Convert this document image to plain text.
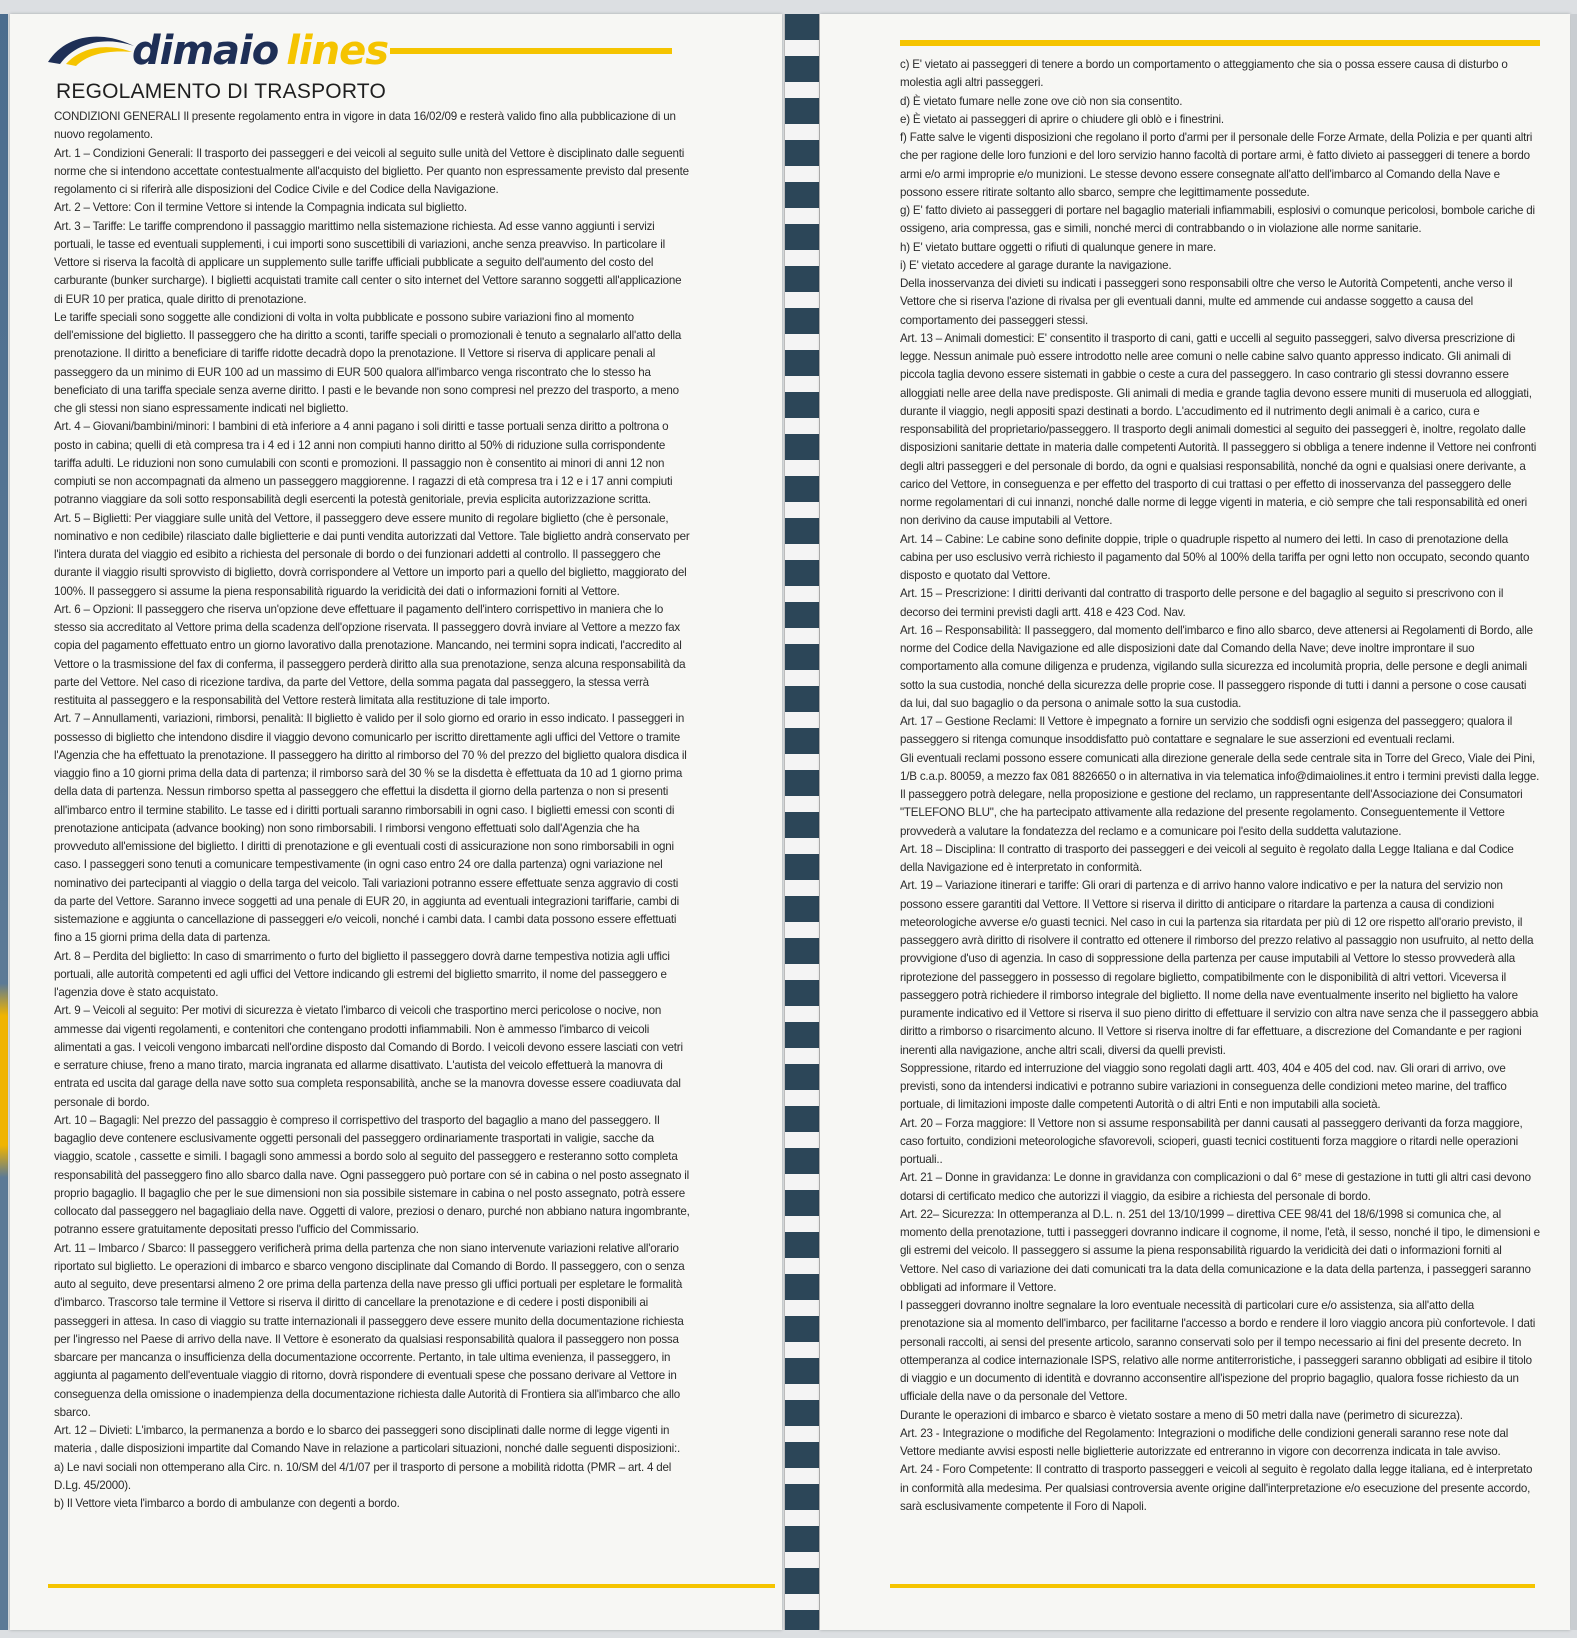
dimaio lines
REGOLAMENTO DI TRASPORTO

CONDIZIONI GENERALI Il presente regolamento entra in vigore in data 16/02/09 e resterà valido fino alla pubblicazione di un nuovo regolamento.

Art. 1 – Condizioni Generali: Il trasporto dei passeggeri e dei veicoli al seguito sulle unità del Vettore è disciplinato dalle seguenti norme che si intendono accettate contestualmente all'acquisto del biglietto. Per quanto non espressamente previsto dal presente regolamento ci si riferirà alle disposizioni del Codice Civile e del Codice della Navigazione.

Art. 2 – Vettore: Con il termine Vettore si intende la Compagnia indicata sul biglietto.

Art. 3 – Tariffe: Le tariffe comprendono il passaggio marittimo nella sistemazione richiesta. Ad esse vanno aggiunti i servizi portuali, le tasse ed eventuali supplementi, i cui importi sono suscettibili di variazioni, anche senza preavviso. In particolare il Vettore si riserva la facoltà di applicare un supplemento sulle tariffe ufficiali pubblicate a seguito dell'aumento del costo del carburante (bunker surcharge). I biglietti acquistati tramite call center o sito internet del Vettore saranno soggetti all'applicazione di EUR 10 per pratica, quale diritto di prenotazione.

Le tariffe speciali sono soggette alle condizioni di volta in volta pubblicate e possono subire variazioni fino al momento dell'emissione del biglietto. Il passeggero che ha diritto a sconti, tariffe speciali o promozionali è tenuto a segnalarlo all'atto della prenotazione. Il diritto a beneficiare di tariffe ridotte decadrà dopo la prenotazione. Il Vettore si riserva di applicare penali al passeggero da un minimo di EUR 100 ad un massimo di EUR 500 qualora all'imbarco venga riscontrato che lo stesso ha beneficiato di una tariffa speciale senza averne diritto. I pasti e le bevande non sono compresi nel prezzo del trasporto, a meno che gli stessi non siano espressamente indicati nel biglietto.

Art. 4 – Giovani/bambini/minori: I bambini di età inferiore a 4 anni pagano i soli diritti e tasse portuali senza diritto a poltrona o posto in cabina; quelli di età compresa tra i 4 ed i 12 anni non compiuti hanno diritto al 50% di riduzione sulla corrispondente tariffa adulti. Le riduzioni non sono cumulabili con sconti e promozioni. Il passaggio non è consentito ai minori di anni 12 non compiuti se non accompagnati da almeno un passeggero maggiorenne. I ragazzi di età compresa tra i 12 e i 17 anni compiuti potranno viaggiare da soli sotto responsabilità degli esercenti la potestà genitoriale, previa esplicita autorizzazione scritta.

Art. 5 – Biglietti: Per viaggiare sulle unità del Vettore, il passeggero deve essere munito di regolare biglietto (che è personale, nominativo e non cedibile) rilasciato dalle biglietterie e dai punti vendita autorizzati dal Vettore. Tale biglietto andrà conservato per l'intera durata del viaggio ed esibito a richiesta del personale di bordo o dei funzionari addetti al controllo. Il passeggero che durante il viaggio risulti sprovvisto di biglietto, dovrà corrispondere al Vettore un importo pari a quello del biglietto, maggiorato del 100%. Il passeggero si assume la piena responsabilità riguardo la veridicità dei dati o informazioni forniti al Vettore.

Art. 6 – Opzioni: Il passeggero che riserva un'opzione deve effettuare il pagamento dell'intero corrispettivo in maniera che lo stesso sia accreditato al Vettore prima della scadenza dell'opzione riservata. Il passeggero dovrà inviare al Vettore a mezzo fax copia del pagamento effettuato entro un giorno lavorativo dalla prenotazione. Mancando, nei termini sopra indicati, l'accredito al Vettore o la trasmissione del fax di conferma, il passeggero perderà diritto alla sua prenotazione, senza alcuna responsabilità da parte del Vettore. Nel caso di ricezione tardiva, da parte del Vettore, della somma pagata dal passeggero, la stessa verrà restituita al passeggero e la responsabilità del Vettore resterà limitata alla restituzione di tale importo.

Art. 7 – Annullamenti, variazioni, rimborsi, penalità: Il biglietto è valido per il solo giorno ed orario in esso indicato. I passeggeri in possesso di biglietto che intendono disdire il viaggio devono comunicarlo per iscritto direttamente agli uffici del Vettore o tramite l'Agenzia che ha effettuato la prenotazione. Il passeggero ha diritto al rimborso del 70 % del prezzo del biglietto qualora disdica il viaggio fino a 10 giorni prima della data di partenza; il rimborso sarà del 30 % se la disdetta è effettuata da 10 ad 1 giorno prima della data di partenza. Nessun rimborso spetta al passeggero che effettui la disdetta il giorno della partenza o non si presenti all'imbarco entro il termine stabilito. Le tasse ed i diritti portuali saranno rimborsabili in ogni caso. I biglietti emessi con sconti di prenotazione anticipata (advance booking) non sono rimborsabili. I rimborsi vengono effettuati solo dall'Agenzia che ha provveduto all'emissione del biglietto. I diritti di prenotazione e gli eventuali costi di assicurazione non sono rimborsabili in ogni caso. I passeggeri sono tenuti a comunicare tempestivamente (in ogni caso entro 24 ore dalla partenza) ogni variazione nel nominativo dei partecipanti al viaggio o della targa del veicolo. Tali variazioni potranno essere effettuate senza aggravio di costi da parte del Vettore. Saranno invece soggetti ad una penale di EUR 20, in aggiunta ad eventuali integrazioni tariffarie, cambi di sistemazione e aggiunta o cancellazione di passeggeri e/o veicoli, nonché i cambi data. I cambi data possono essere effettuati fino a 15 giorni prima della data di partenza.

Art. 8 – Perdita del biglietto: In caso di smarrimento o furto del biglietto il passeggero dovrà darne tempestiva notizia agli uffici portuali, alle autorità competenti ed agli uffici del Vettore indicando gli estremi del biglietto smarrito, il nome del passeggero e l'agenzia dove è stato acquistato.

Art. 9 – Veicoli al seguito: Per motivi di sicurezza è vietato l'imbarco di veicoli che trasportino merci pericolose o nocive, non ammesse dai vigenti regolamenti, e contenitori che contengano prodotti infiammabili. Non è ammesso l'imbarco di veicoli alimentati a gas. I veicoli vengono imbarcati nell'ordine disposto dal Comando di Bordo. I veicoli devono essere lasciati con vetri e serrature chiuse, freno a mano tirato, marcia ingranata ed allarme disattivato. L'autista del veicolo effettuerà la manovra di entrata ed uscita dal garage della nave sotto sua completa responsabilità, anche se la manovra dovesse essere coadiuvata dal personale di bordo.

Art. 10 – Bagagli: Nel prezzo del passaggio è compreso il corrispettivo del trasporto del bagaglio a mano del passeggero. Il bagaglio deve contenere esclusivamente oggetti personali del passeggero ordinariamente trasportati in valigie, sacche da viaggio, scatole , cassette e simili. I bagagli sono ammessi a bordo solo al seguito del passeggero e resteranno sotto completa responsabilità del passeggero fino allo sbarco dalla nave. Ogni passeggero può portare con sé in cabina o nel posto assegnato il proprio bagaglio. Il bagaglio che per le sue dimensioni non sia possibile sistemare in cabina o nel posto assegnato, potrà essere collocato dal passeggero nel bagagliaio della nave. Oggetti di valore, preziosi o denaro, purché non abbiano natura ingombrante, potranno essere gratuitamente depositati presso l'ufficio del Commissario.

Art. 11 – Imbarco / Sbarco: Il passeggero verificherà prima della partenza che non siano intervenute variazioni relative all'orario riportato sul biglietto. Le operazioni di imbarco e sbarco vengono disciplinate dal Comando di Bordo. Il passeggero, con o senza auto al seguito, deve presentarsi almeno 2 ore prima della partenza della nave presso gli uffici portuali per espletare le formalità d'imbarco. Trascorso tale termine il Vettore si riserva il diritto di cancellare la prenotazione e di cedere i posti disponibili ai passeggeri in attesa. In caso di viaggio su tratte internazionali il passeggero deve essere munito della documentazione richiesta per l'ingresso nel Paese di arrivo della nave. Il Vettore è esonerato da qualsiasi responsabilità qualora il passeggero non possa sbarcare per mancanza o insufficienza della documentazione occorrente. Pertanto, in tale ultima evenienza, il passeggero, in aggiunta al pagamento dell'eventuale viaggio di ritorno, dovrà rispondere di eventuali spese che possano derivare al Vettore in conseguenza della omissione o inadempienza della documentazione richiesta dalle Autorità di Frontiera sia all'imbarco che allo sbarco.

Art. 12 – Divieti: L'imbarco, la permanenza a bordo e lo sbarco dei passeggeri sono disciplinati dalle norme di legge vigenti in materia , dalle disposizioni impartite dal Comando Nave in relazione a particolari situazioni, nonché dalle seguenti disposizioni:.

a) Le navi sociali non ottemperano alla Circ. n. 10/SM del 4/1/07 per il trasporto di persone a mobilità ridotta (PMR – art. 4 del D.Lg. 45/2000).

b) Il Vettore vieta l'imbarco a bordo di ambulanze con degenti a bordo.

c) E' vietato ai passeggeri di tenere a bordo un comportamento o atteggiamento che sia o possa essere causa di disturbo o molestia agli altri passeggeri.

d) È vietato fumare nelle zone ove ciò non sia consentito.

e) È vietato ai passeggeri di aprire o chiudere gli oblò e i finestrini.

f) Fatte salve le vigenti disposizioni che regolano il porto d'armi per il personale delle Forze Armate, della Polizia e per quanti altri che per ragione delle loro funzioni e del loro servizio hanno facoltà di portare armi, è fatto divieto ai passeggeri di tenere a bordo armi e/o armi improprie e/o munizioni. Le stesse devono essere consegnate all'atto dell'imbarco al Comando della Nave e possono essere ritirate soltanto allo sbarco, sempre che legittimamente possedute.

g) E' fatto divieto ai passeggeri di portare nel bagaglio materiali infiammabili, esplosivi o comunque pericolosi, bombole cariche di ossigeno, aria compressa, gas e simili, nonché merci di contrabbando o in violazione alle norme sanitarie.

h) E' vietato buttare oggetti o rifiuti di qualunque genere in mare.

i) E' vietato accedere al garage durante la navigazione.

Della inosservanza dei divieti su indicati i passeggeri sono responsabili oltre che verso le Autorità Competenti, anche verso il Vettore che si riserva l'azione di rivalsa per gli eventuali danni, multe ed ammende cui andasse soggetto a causa del comportamento dei passeggeri stessi.

Art. 13 – Animali domestici: E' consentito il trasporto di cani, gatti e uccelli al seguito passeggeri, salvo diversa prescrizione di legge. Nessun animale può essere introdotto nelle aree comuni o nelle cabine salvo quanto appresso indicato. Gli animali di piccola taglia devono essere sistemati in gabbie o ceste a cura del passeggero. In caso contrario gli stessi dovranno essere alloggiati nelle aree della nave predisposte. Gli animali di media e grande taglia devono essere muniti di museruola ed alloggiati, durante il viaggio, negli appositi spazi destinati a bordo. L'accudimento ed il nutrimento degli animali è a carico, cura e responsabilità del proprietario/passeggero. Il trasporto degli animali domestici al seguito dei passeggeri è, inoltre, regolato dalle disposizioni sanitarie dettate in materia dalle competenti Autorità. Il passeggero si obbliga a tenere indenne il Vettore nei confronti degli altri passeggeri e del personale di bordo, da ogni e qualsiasi responsabilità, nonché da ogni e qualsiasi onere derivante, a carico del Vettore, in conseguenza e per effetto del trasporto di cui trattasi o per effetto di inosservanza del passeggero delle norme regolamentari di cui innanzi, nonché dalle norme di legge vigenti in materia, e ciò sempre che tali responsabilità ed oneri non derivino da cause imputabili al Vettore.

Art. 14 – Cabine: Le cabine sono definite doppie, triple o quadruple rispetto al numero dei letti. In caso di prenotazione della cabina per uso esclusivo verrà richiesto il pagamento dal 50% al 100% della tariffa per ogni letto non occupato, secondo quanto disposto e quotato dal Vettore.

Art. 15 – Prescrizione: I diritti derivanti dal contratto di trasporto delle persone e del bagaglio al seguito si prescrivono con il decorso dei termini previsti dagli artt. 418 e 423 Cod. Nav.

Art. 16 – Responsabilità: Il passeggero, dal momento dell'imbarco e fino allo sbarco, deve attenersi ai Regolamenti di Bordo, alle norme del Codice della Navigazione ed alle disposizioni date dal Comando della Nave; deve inoltre improntare il suo comportamento alla comune diligenza e prudenza, vigilando sulla sicurezza ed incolumità propria, delle persone e degli animali sotto la sua custodia, nonché della sicurezza delle proprie cose. Il passeggero risponde di tutti i danni a persone o cose causati da lui, dal suo bagaglio o da persona o animale sotto la sua custodia.

Art. 17 – Gestione Reclami: Il Vettore è impegnato a fornire un servizio che soddisfi ogni esigenza del passeggero; qualora il passeggero si ritenga comunque insoddisfatto può contattare e segnalare le sue asserzioni ed eventuali reclami.

Gli eventuali reclami possono essere comunicati alla direzione generale della sede centrale sita in Torre del Greco, Viale dei Pini, 1/B c.a.p. 80059, a mezzo fax 081 8826650 o in alternativa in via telematica info@dimaiolines.it entro i termini previsti dalla legge. Il passeggero potrà delegare, nella proposizione e gestione del reclamo, un rappresentante dell'Associazione dei Consumatori "TELEFONO BLU", che ha partecipato attivamente alla redazione del presente regolamento. Conseguentemente il Vettore provvederà a valutare la fondatezza del reclamo e a comunicare poi l'esito della suddetta valutazione.

Art. 18 – Disciplina: Il contratto di trasporto dei passeggeri e dei veicoli al seguito è regolato dalla Legge Italiana e dal Codice della Navigazione ed è interpretato in conformità.

Art. 19 – Variazione itinerari e tariffe: Gli orari di partenza e di arrivo hanno valore indicativo e per la natura del servizio non possono essere garantiti dal Vettore. Il Vettore si riserva il diritto di anticipare o ritardare la partenza a causa di condizioni meteorologiche avverse e/o guasti tecnici. Nel caso in cui la partenza sia ritardata per più di 12 ore rispetto all'orario previsto, il passeggero avrà diritto di risolvere il contratto ed ottenere il rimborso del prezzo relativo al passaggio non usufruito, al netto della provvigione d'uso di agenzia. In caso di soppressione della partenza per cause imputabili al Vettore lo stesso provvederà alla riprotezione del passeggero in possesso di regolare biglietto, compatibilmente con le disponibilità di altri vettori. Viceversa il passeggero potrà richiedere il rimborso integrale del biglietto. Il nome della nave eventualmente inserito nel biglietto ha valore puramente indicativo ed il Vettore si riserva il suo pieno diritto di effettuare il servizio con altra nave senza che il passeggero abbia diritto a rimborso o risarcimento alcuno. Il Vettore si riserva inoltre di far effettuare, a discrezione del Comandante e per ragioni inerenti alla navigazione, anche altri scali, diversi da quelli previsti.

Soppressione, ritardo ed interruzione del viaggio sono regolati dagli artt. 403, 404 e 405 del cod. nav. Gli orari di arrivo, ove previsti, sono da intendersi indicativi e potranno subire variazioni in conseguenza delle condizioni meteo marine, del traffico portuale, di limitazioni imposte dalle competenti Autorità o di altri Enti e non imputabili alla società.

Art. 20 – Forza maggiore: Il Vettore non si assume responsabilità per danni causati al passeggero derivanti da forza maggiore, caso fortuito, condizioni meteorologiche sfavorevoli, scioperi, guasti tecnici costituenti forza maggiore o ritardi nelle operazioni portuali..

Art. 21 – Donne in gravidanza: Le donne in gravidanza con complicazioni o dal 6° mese di gestazione in tutti gli altri casi devono dotarsi di certificato medico che autorizzi il viaggio, da esibire a richiesta del personale di bordo.

Art. 22– Sicurezza: In ottemperanza al D.L. n. 251 del 13/10/1999 – direttiva CEE 98/41 del 18/6/1998 si comunica che, al momento della prenotazione, tutti i passeggeri dovranno indicare il cognome, il nome, l'età, il sesso, nonché il tipo, le dimensioni e gli estremi del veicolo. Il passeggero si assume la piena responsabilità riguardo la veridicità dei dati o informazioni forniti al Vettore. Nel caso di variazione dei dati comunicati tra la data della comunicazione e la data della partenza, i passeggeri saranno obbligati ad informare il Vettore.

I passeggeri dovranno inoltre segnalare la loro eventuale necessità di particolari cure e/o assistenza, sia all'atto della prenotazione sia al momento dell'imbarco, per facilitarne l'accesso a bordo e rendere il loro viaggio ancora più confortevole. I dati personali raccolti, ai sensi del presente articolo, saranno conservati solo per il tempo necessario ai fini del presente decreto. In ottemperanza al codice internazionale ISPS, relativo alle norme antiterroristiche, i passeggeri saranno obbligati ad esibire il titolo di viaggio e un documento di identità e dovranno acconsentire all'ispezione del proprio bagaglio, qualora fosse richiesto da un ufficiale della nave o da personale del Vettore.

Durante le operazioni di imbarco e sbarco è vietato sostare a meno di 50 metri dalla nave (perimetro di sicurezza).

Art. 23 - Integrazione o modifiche del Regolamento: Integrazioni o modifiche delle condizioni generali saranno rese note dal Vettore mediante avvisi esposti nelle biglietterie autorizzate ed entreranno in vigore con decorrenza indicata in tale avviso.

Art. 24 - Foro Competente: Il contratto di trasporto passeggeri e veicoli al seguito è regolato dalla legge italiana, ed è interpretato in conformità alla medesima. Per qualsiasi controversia avente origine dall'interpretazione e/o esecuzione del presente accordo, sarà esclusivamente competente il Foro di Napoli.
